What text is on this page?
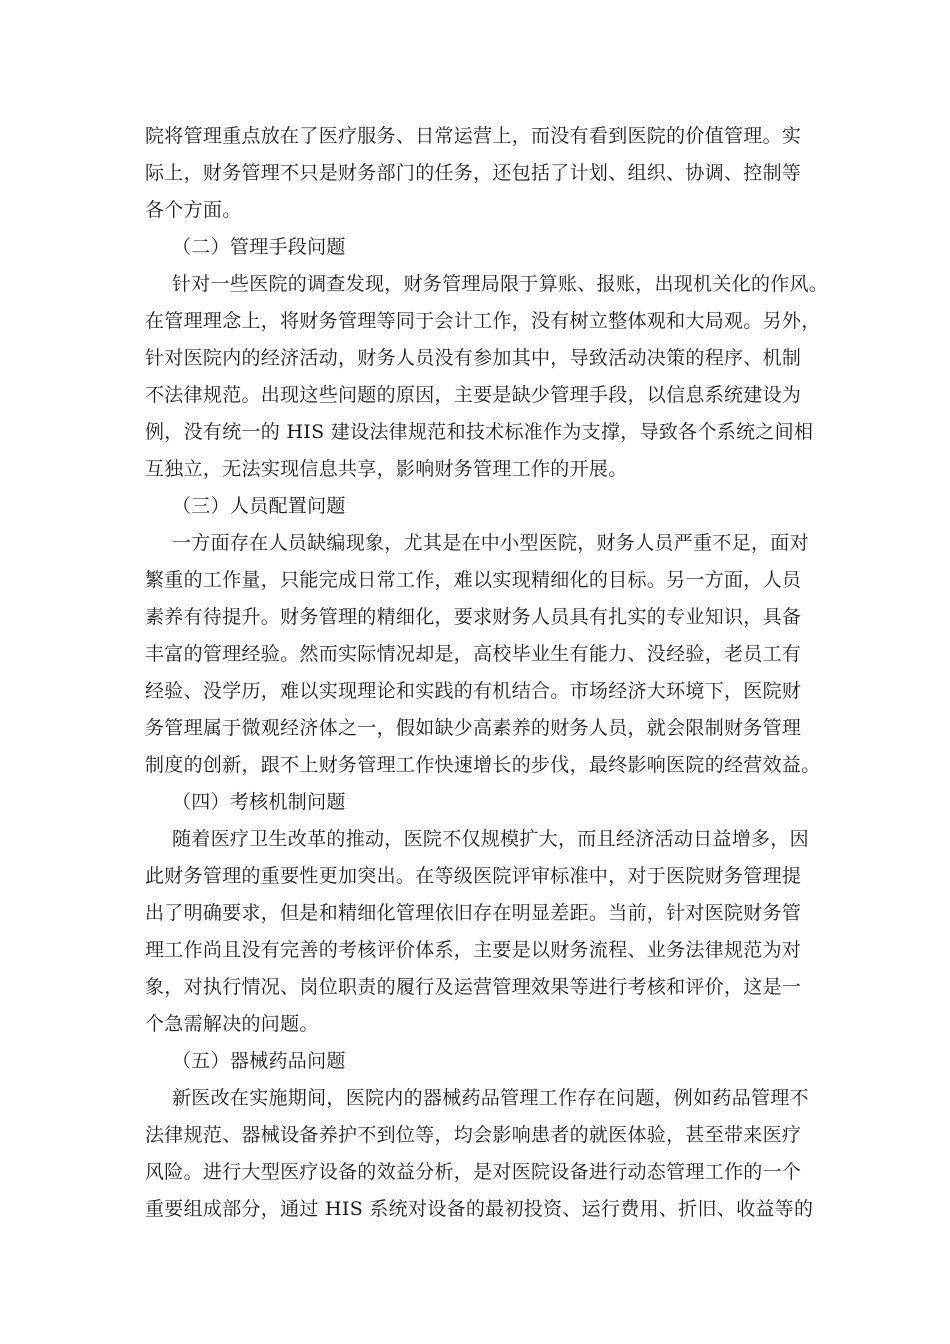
院将管理重点放在了医疗服务、日常运营上，而没有看到医院的价值管理。实
际上，财务管理不只是财务部门的任务，还包括了计划、组织、协调、控制等
各个方面。
（二）管理手段问题
针对一些医院的调查发现，财务管理局限于算账、报账，出现机关化的作风。
在管理理念上，将财务管理等同于会计工作，没有树立整体观和大局观。另外，
针对医院内的经济活动，财务人员没有参加其中，导致活动决策的程序、机制
不法律规范。出现这些问题的原因，主要是缺少管理手段，以信息系统建设为
例，没有统一的 HIS 建设法律规范和技术标准作为支撑，导致各个系统之间相
互独立，无法实现信息共享，影响财务管理工作的开展。
（三）人员配置问题
一方面存在人员缺编现象，尤其是在中小型医院，财务人员严重不足，面对
繁重的工作量，只能完成日常工作，难以实现精细化的目标。另一方面，人员
素养有待提升。财务管理的精细化，要求财务人员具有扎实的专业知识，具备
丰富的管理经验。然而实际情况却是，高校毕业生有能力、没经验，老员工有
经验、没学历，难以实现理论和实践的有机结合。市场经济大环境下，医院财
务管理属于微观经济体之一，假如缺少高素养的财务人员，就会限制财务管理
制度的创新，跟不上财务管理工作快速增长的步伐，最终影响医院的经营效益。
（四）考核机制问题
随着医疗卫生改革的推动，医院不仅规模扩大，而且经济活动日益增多，因
此财务管理的重要性更加突出。在等级医院评审标准中，对于医院财务管理提
出了明确要求，但是和精细化管理依旧存在明显差距。当前，针对医院财务管
理工作尚且没有完善的考核评价体系，主要是以财务流程、业务法律规范为对
象，对执行情况、岗位职责的履行及运营管理效果等进行考核和评价，这是一
个急需解决的问题。
（五）器械药品问题
新医改在实施期间，医院内的器械药品管理工作存在问题，例如药品管理不
法律规范、器械设备养护不到位等，均会影响患者的就医体验，甚至带来医疗
风险。进行大型医疗设备的效益分析，是对医院设备进行动态管理工作的一个
重要组成部分，通过 HIS 系统对设备的最初投资、运行费用、折旧、收益等的
